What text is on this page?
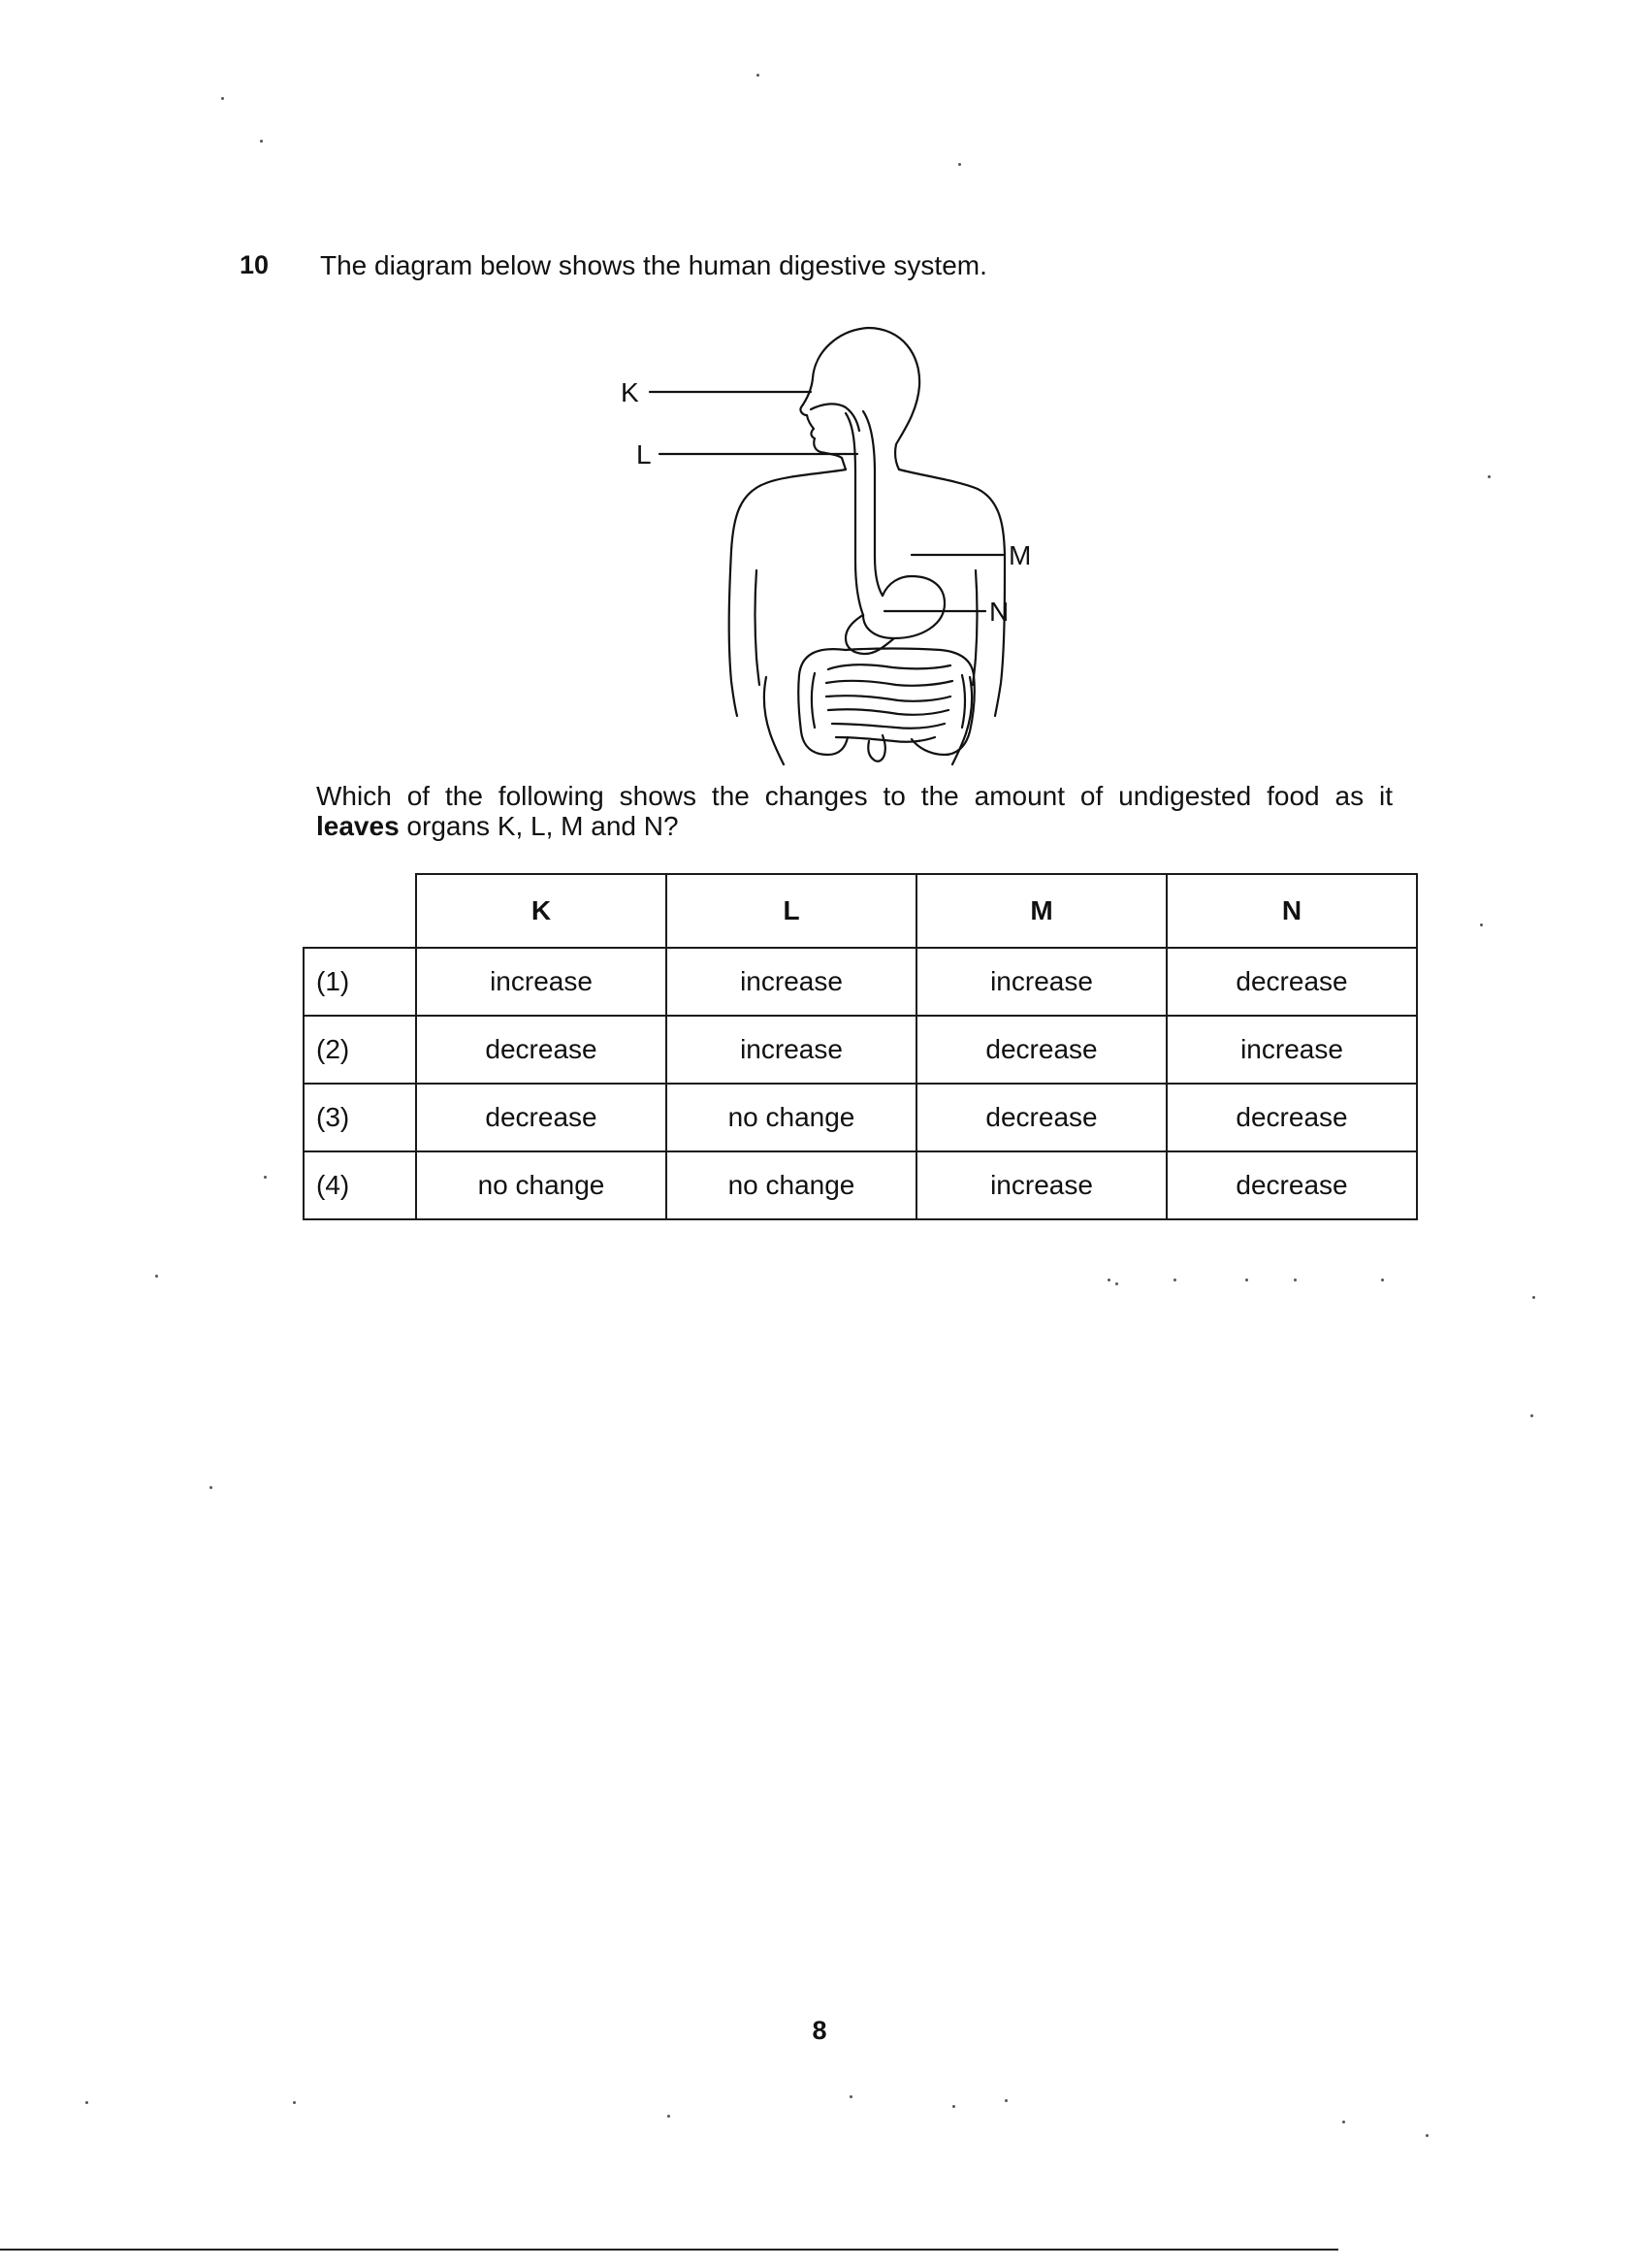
10 The diagram below shows the human digestive system.
K
L
M
N
Which of the following shows the changes to the amount of undigested food as it
leaves organs K, L, M and N?
	K	L	M	N
(1)	increase	increase	increase	decrease
(2)	decrease	increase	decrease	increase
(3)	decrease	no change	decrease	decrease
(4)	no change	no change	increase	decrease
8
